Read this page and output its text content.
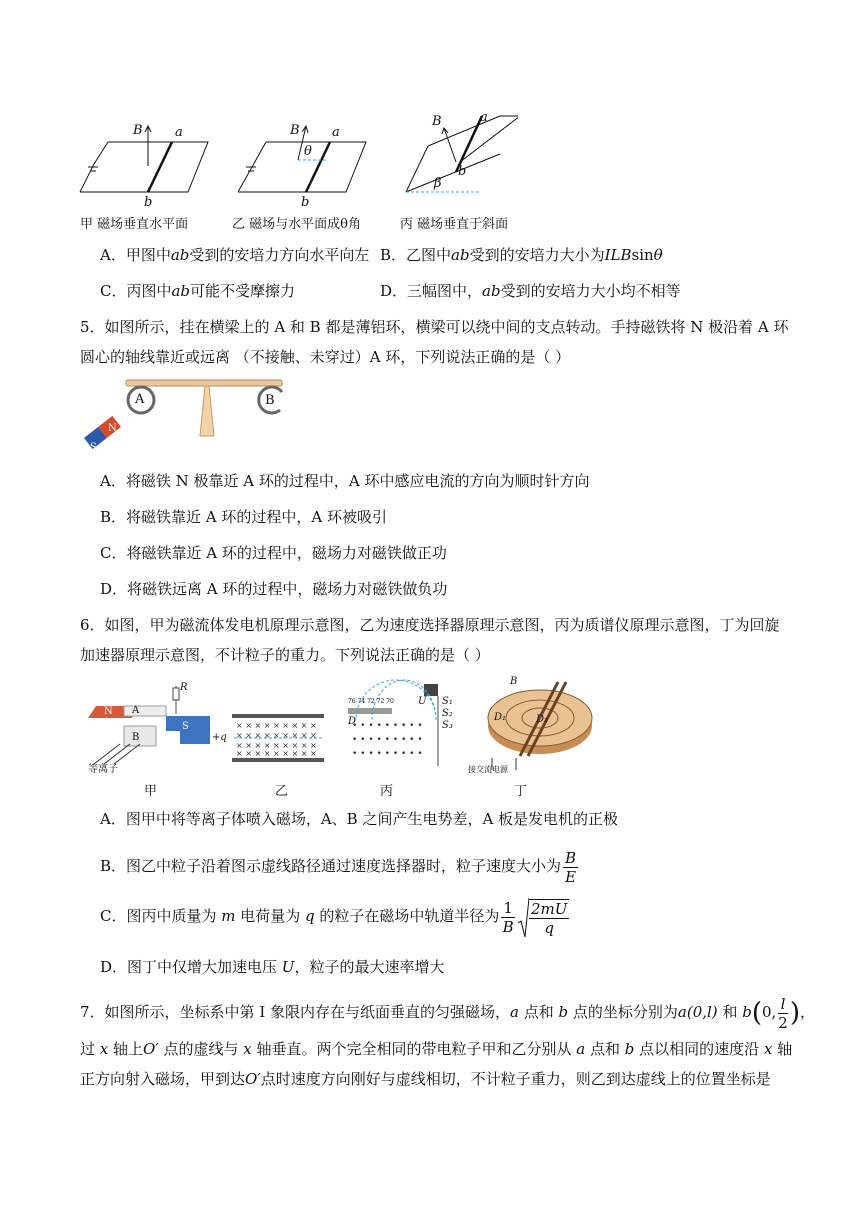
B a
b
B a
b
θ
B	a
b
β
甲 磁场垂直水平面	乙 磁场与水平面成θ角	丙 磁场垂直于斜面
A．甲图中ab受到的安培力方向水平向左 B．乙图中ab受到的安培力大小为ILBsinθ
C．丙图中ab可能不受摩擦力	D．三幅图中，ab受到的安培力大小均不相等
5．如图所示，挂在横梁上的 A 和 B 都是薄铝环，横梁可以绕中间的支点转动。手持磁铁将 N 极沿着 A 环
圆心的轴线靠近或远离 （不接触、未穿过）A 环，下列说法正确的是（ ）
A	B
N
S
A．将磁铁 N 极靠近 A 环的过程中，A 环中感应电流的方向为顺时针方向
B．将磁铁靠近 A 环的过程中，A 环被吸引
C．将磁铁靠近 A 环的过程中，磁场力对磁铁做正功
D．将磁铁远离 A 环的过程中，磁场力对磁铁做负功
6．如图，甲为磁流体发电机原理示意图，乙为速度选择器原理示意图，丙为质谱仪原理示意图，丁为回旋
加速器原理示意图，不计粒子的重力。下列说法正确的是（ ）
× × × × × × × × ×
× × × × × × × × ×
× × × × × × × × ×
× × × × × × × × ×
• • • • • • • • •
• • • • • • • • •
• • • • • • • • •
等离子
N
S
A
B
R
+q
76 74 72 72 70 U S₁
S₂
S₃
D	D₁	D₂
B
接交流电源
甲	乙	丙	丁
A．图甲中将等离子体喷入磁场，A、B 之间产生电势差，A 板是发电机的正极
B．图乙中粒子沿着图示虚线路径通过速度选择器时，粒子速度大小为 $\frac{B}{E}$
C．图丙中质量为 m 电荷量为 q 的粒子在磁场中轨道半径为 $\frac{1}{B} \frac{2mU}{q}$
D．图丁中仅增大加速电压 U，粒子的最大速率增大
7．如图所示，坐标系中第 Ⅰ 象限内存在与纸面垂直的匀强磁场，a 点和 b 点的坐标分别为a(0,l) 和 b(0, $\frac{l}{2}$ )，
过 x 轴上O′ 点的虚线与 x 轴垂直。两个完全相同的带电粒子甲和乙分别从 a 点和 b 点以相同的速度沿 x 轴
正方向射入磁场，甲到达O′点时速度方向刚好与虚线相切，不计粒子重力，则乙到达虚线上的位置坐标是
